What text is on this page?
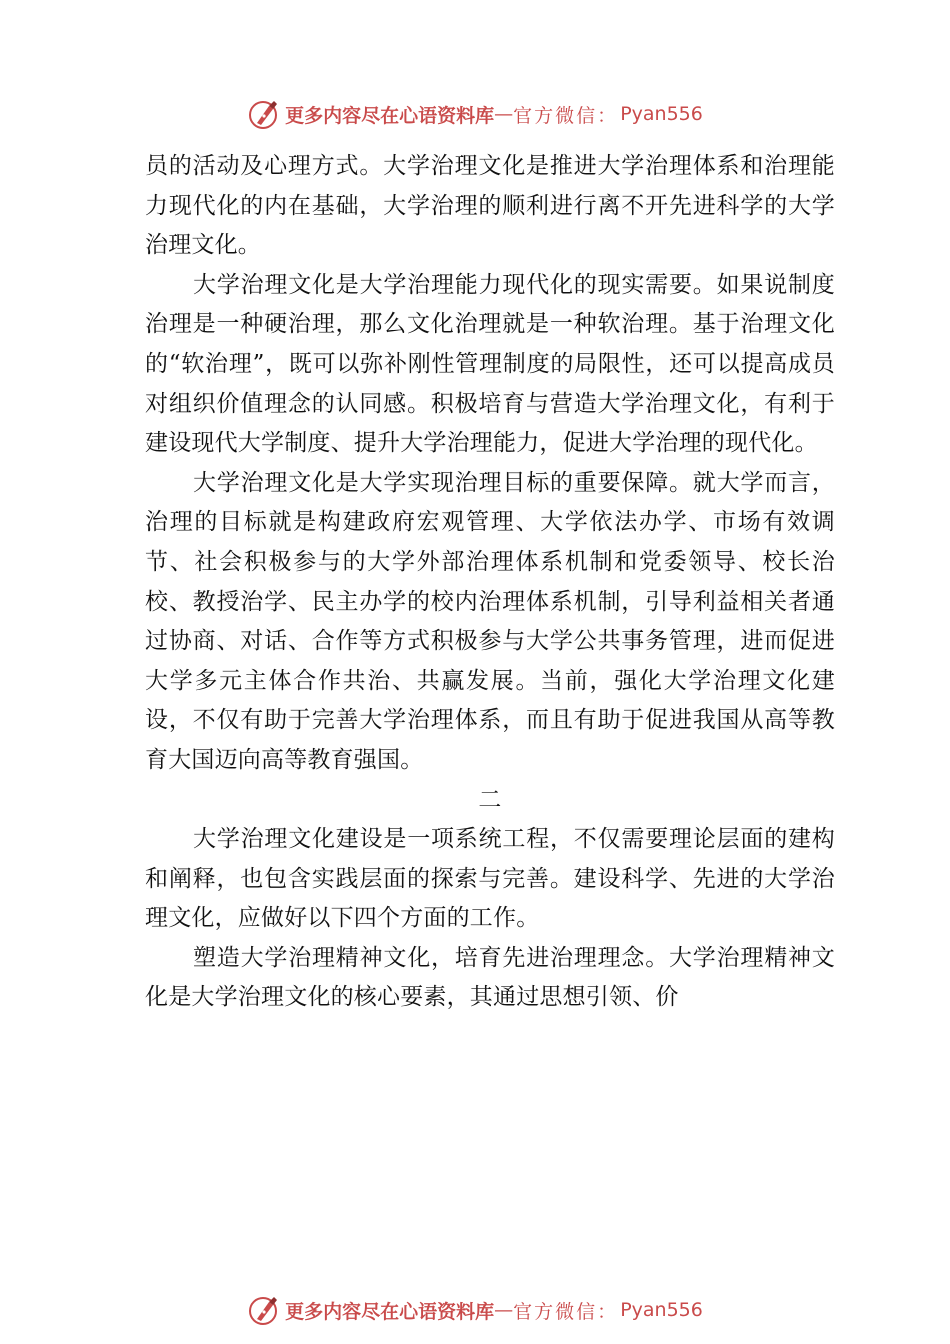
更多内容尽在心语资料库 — 官方微信： Pyan556

员的活动及心理方式。大学治理文化是推进大学治理体系和治理能力现代化的内在基础，大学治理的顺利进行离不开先进科学的大学治理文化。

大学治理文化是大学治理能力现代化的现实需要。如果说制度治理是一种硬治理，那么文化治理就是一种软治理。基于治理文化的“软治理”，既可以弥补刚性管理制度的局限性，还可以提高成员对组织价值理念的认同感。积极培育与营造大学治理文化，有利于建设现代大学制度、提升大学治理能力，促进大学治理的现代化。

大学治理文化是大学实现治理目标的重要保障。就大学而言，治理的目标就是构建政府宏观管理、大学依法办学、市场有效调节、社会积极参与的大学外部治理体系机制和党委领导、校长治校、教授治学、民主办学的校内治理体系机制，引导利益相关者通过协商、对话、合作等方式积极参与大学公共事务管理，进而促进大学多元主体合作共治、共赢发展。当前，强化大学治理文化建设，不仅有助于完善大学治理体系，而且有助于促进我国从高等教育大国迈向高等教育强国。

二

大学治理文化建设是一项系统工程，不仅需要理论层面的建构和阐释，也包含实践层面的探索与完善。建设科学、先进的大学治理文化，应做好以下四个方面的工作。

塑造大学治理精神文化，培育先进治理理念。大学治理精神文化是大学治理文化的核心要素，其通过思想引领、价

更多内容尽在心语资料库 — 官方微信： Pyan556
